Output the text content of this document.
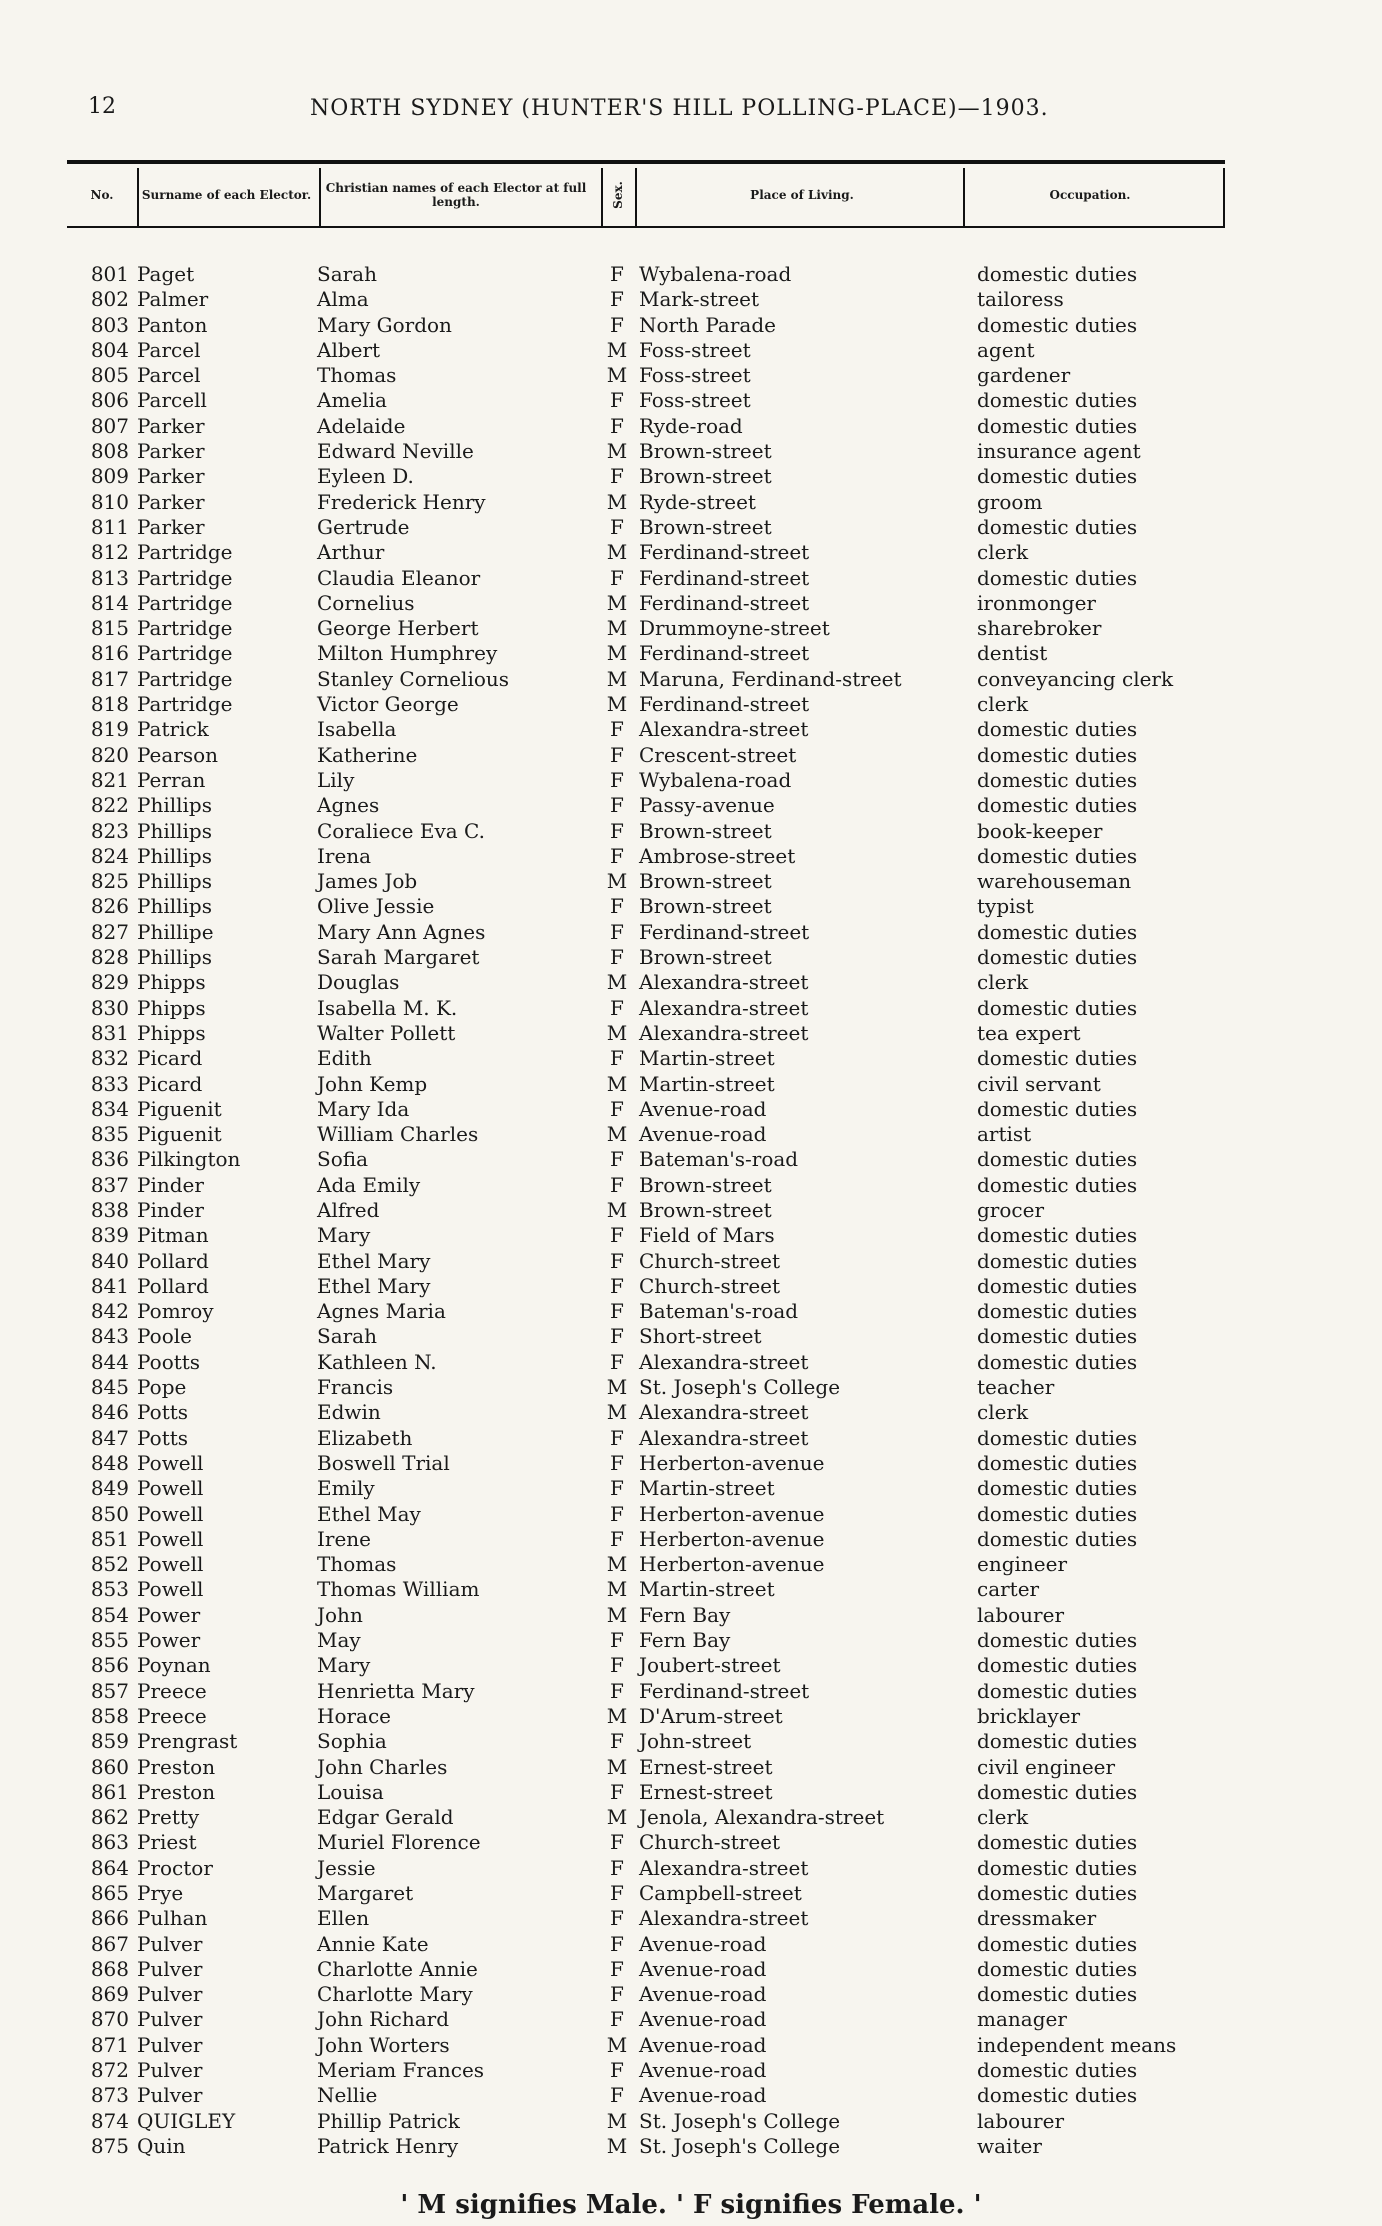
12	NORTH SYDNEY (HUNTER'S HILL POLLING-PLACE)—1903.
No.	Surname of each Elector.	Christian names of each Elector at full length.	Sex.	Place of Living.	Occupation.
801 Paget	Sarah	F Wybalena-road	domestic duties
802 Palmer	Alma	F Mark-street	tailoress
803 Panton	Mary Gordon	F North Parade	domestic duties
804 Parcel	Albert	M Foss-street	agent
805 Parcel	Thomas	M Foss-street	gardener
806 Parcell	Amelia	F Foss-street	domestic duties
807 Parker	Adelaide	F Ryde-road	domestic duties
808 Parker	Edward Neville	M Brown-street	insurance agent
809 Parker	Eyleen D.	F Brown-street	domestic duties
810 Parker	Frederick Henry	M Ryde-street	groom
811 Parker	Gertrude	F Brown-street	domestic duties
812 Partridge	Arthur	M Ferdinand-street	clerk
813 Partridge	Claudia Eleanor	F Ferdinand-street	domestic duties
814 Partridge	Cornelius	M Ferdinand-street	ironmonger
815 Partridge	George Herbert	M Drummoyne-street	sharebroker
816 Partridge	Milton Humphrey	M Ferdinand-street	dentist
817 Partridge	Stanley Cornelious	M Maruna, Ferdinand-street	conveyancing clerk
818 Partridge	Victor George	M Ferdinand-street	clerk
819 Patrick	Isabella	F Alexandra-street	domestic duties
820 Pearson	Katherine	F Crescent-street	domestic duties
821 Perran	Lily	F Wybalena-road	domestic duties
822 Phillips	Agnes	F Passy-avenue	domestic duties
823 Phillips	Coraliece Eva C.	F Brown-street	book-keeper
824 Phillips	Irena	F Ambrose-street	domestic duties
825 Phillips	James Job	M Brown-street	warehouseman
826 Phillips	Olive Jessie	F Brown-street	typist
827 Phillipe	Mary Ann Agnes	F Ferdinand-street	domestic duties
828 Phillips	Sarah Margaret	F Brown-street	domestic duties
829 Phipps	Douglas	M Alexandra-street	clerk
830 Phipps	Isabella M. K.	F Alexandra-street	domestic duties
831 Phipps	Walter Pollett	M Alexandra-street	tea expert
832 Picard	Edith	F Martin-street	domestic duties
833 Picard	John Kemp	M Martin-street	civil servant
834 Piguenit	Mary Ida	F Avenue-road	domestic duties
835 Piguenit	William Charles	M Avenue-road	artist
836 Pilkington	Sofia	F Bateman's-road	domestic duties
837 Pinder	Ada Emily	F Brown-street	domestic duties
838 Pinder	Alfred	M Brown-street	grocer
839 Pitman	Mary	F Field of Mars	domestic duties
840 Pollard	Ethel Mary	F Church-street	domestic duties
841 Pollard	Ethel Mary	F Church-street	domestic duties
842 Pomroy	Agnes Maria	F Bateman's-road	domestic duties
843 Poole	Sarah	F Short-street	domestic duties
844 Pootts	Kathleen N.	F Alexandra-street	domestic duties
845 Pope	Francis	M St. Joseph's College	teacher
846 Potts	Edwin	M Alexandra-street	clerk
847 Potts	Elizabeth	F Alexandra-street	domestic duties
848 Powell	Boswell Trial	F Herberton-avenue	domestic duties
849 Powell	Emily	F Martin-street	domestic duties
850 Powell	Ethel May	F Herberton-avenue	domestic duties
851 Powell	Irene	F Herberton-avenue	domestic duties
852 Powell	Thomas	M Herberton-avenue	engineer
853 Powell	Thomas William	M Martin-street	carter
854 Power	John	M Fern Bay	labourer
855 Power	May	F Fern Bay	domestic duties
856 Poynan	Mary	F Joubert-street	domestic duties
857 Preece	Henrietta Mary	F Ferdinand-street	domestic duties
858 Preece	Horace	M D'Arum-street	bricklayer
859 Prengrast	Sophia	F John-street	domestic duties
860 Preston	John Charles	M Ernest-street	civil engineer
861 Preston	Louisa	F Ernest-street	domestic duties
862 Pretty	Edgar Gerald	M Jenola, Alexandra-street	clerk
863 Priest	Muriel Florence	F Church-street	domestic duties
864 Proctor	Jessie	F Alexandra-street	domestic duties
865 Prye	Margaret	F Campbell-street	domestic duties
866 Pulhan	Ellen	F Alexandra-street	dressmaker
867 Pulver	Annie Kate	F Avenue-road	domestic duties
868 Pulver	Charlotte Annie	F Avenue-road	domestic duties
869 Pulver	Charlotte Mary	F Avenue-road	domestic duties
870 Pulver	John Richard	F Avenue-road	manager
871 Pulver	John Worters	M Avenue-road	independent means
872 Pulver	Meriam Frances	F Avenue-road	domestic duties
873 Pulver	Nellie	F Avenue-road	domestic duties
874 QUIGLEY	Phillip Patrick	M St. Joseph's College	labourer
875 Quin	Patrick Henry	M St. Joseph's College	waiter
' M signifies Male. ' F signifies Female. '
